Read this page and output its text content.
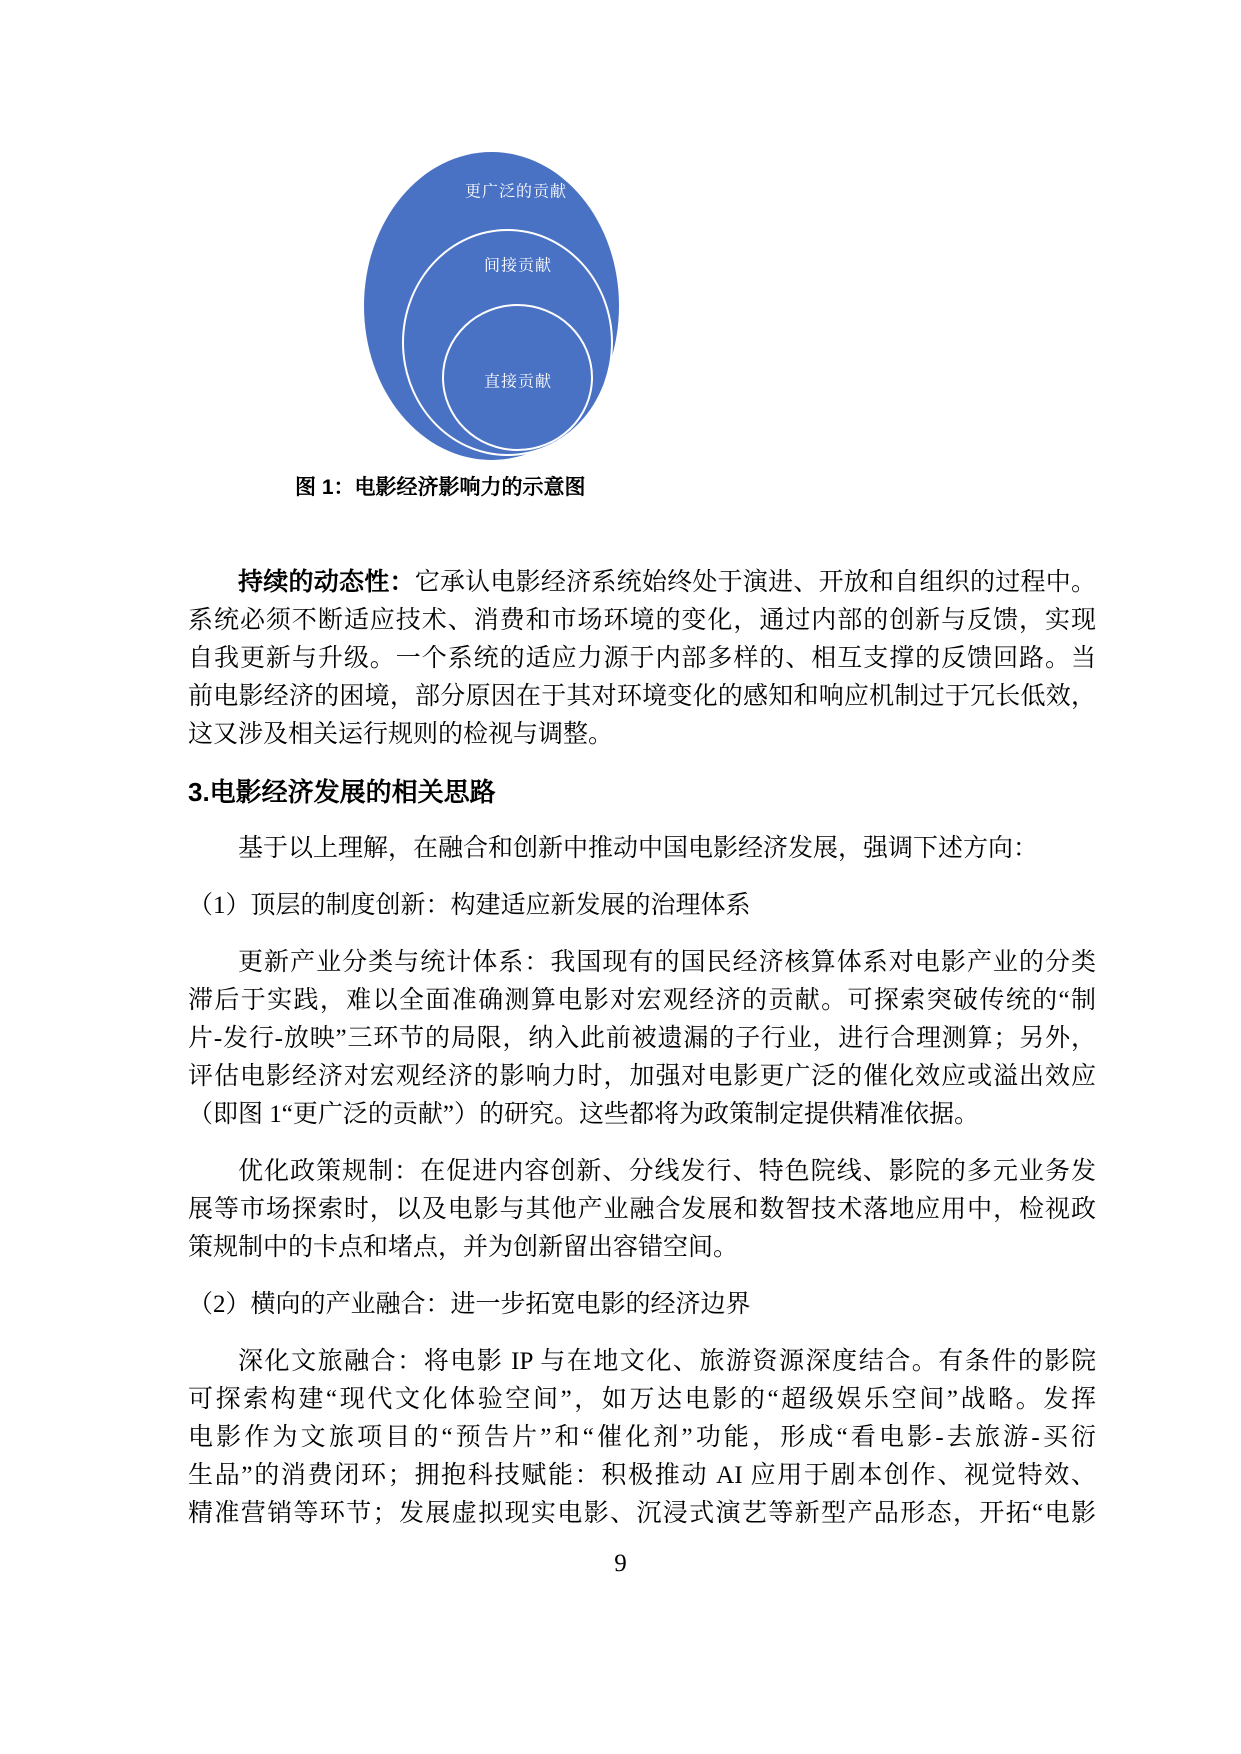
更广泛的贡献
间接贡献
直接贡献
图 1：电影经济影响力的示意图
持续的动态性：它承认电影经济系统始终处于演进、开放和自组织的过程中。
系统必须不断适应技术、消费和市场环境的变化，通过内部的创新与反馈，实现
自我更新与升级。一个系统的适应力源于内部多样的、相互支撑的反馈回路。当
前电影经济的困境，部分原因在于其对环境变化的感知和响应机制过于冗长低效，
这又涉及相关运行规则的检视与调整。
3.电影经济发展的相关思路
基于以上理解，在融合和创新中推动中国电影经济发展，强调下述方向：
（1）顶层的制度创新：构建适应新发展的治理体系
更新产业分类与统计体系：我国现有的国民经济核算体系对电影产业的分类
滞后于实践，难以全面准确测算电影对宏观经济的贡献。可探索突破传统的“制
片-发行-放映”三环节的局限，纳入此前被遗漏的子行业，进行合理测算；另外，
评估电影经济对宏观经济的影响力时，加强对电影更广泛的催化效应或溢出效应
（即图 1“更广泛的贡献”）的研究。这些都将为政策制定提供精准依据。
优化政策规制：在促进内容创新、分线发行、特色院线、影院的多元业务发
展等市场探索时，以及电影与其他产业融合发展和数智技术落地应用中，检视政
策规制中的卡点和堵点，并为创新留出容错空间。
（2）横向的产业融合：进一步拓宽电影的经济边界
深化文旅融合：将电影 IP 与在地文化、旅游资源深度结合。有条件的影院
可探索构建“现代文化体验空间”，如万达电影的“超级娱乐空间”战略。发挥
电影作为文旅项目的“预告片”和“催化剂”功能，形成“看电影-去旅游-买衍
生品”的消费闭环；拥抱科技赋能：积极推动 AI 应用于剧本创作、视觉特效、
精准营销等环节；发展虚拟现实电影、沉浸式演艺等新型产品形态，开拓“电影
9
